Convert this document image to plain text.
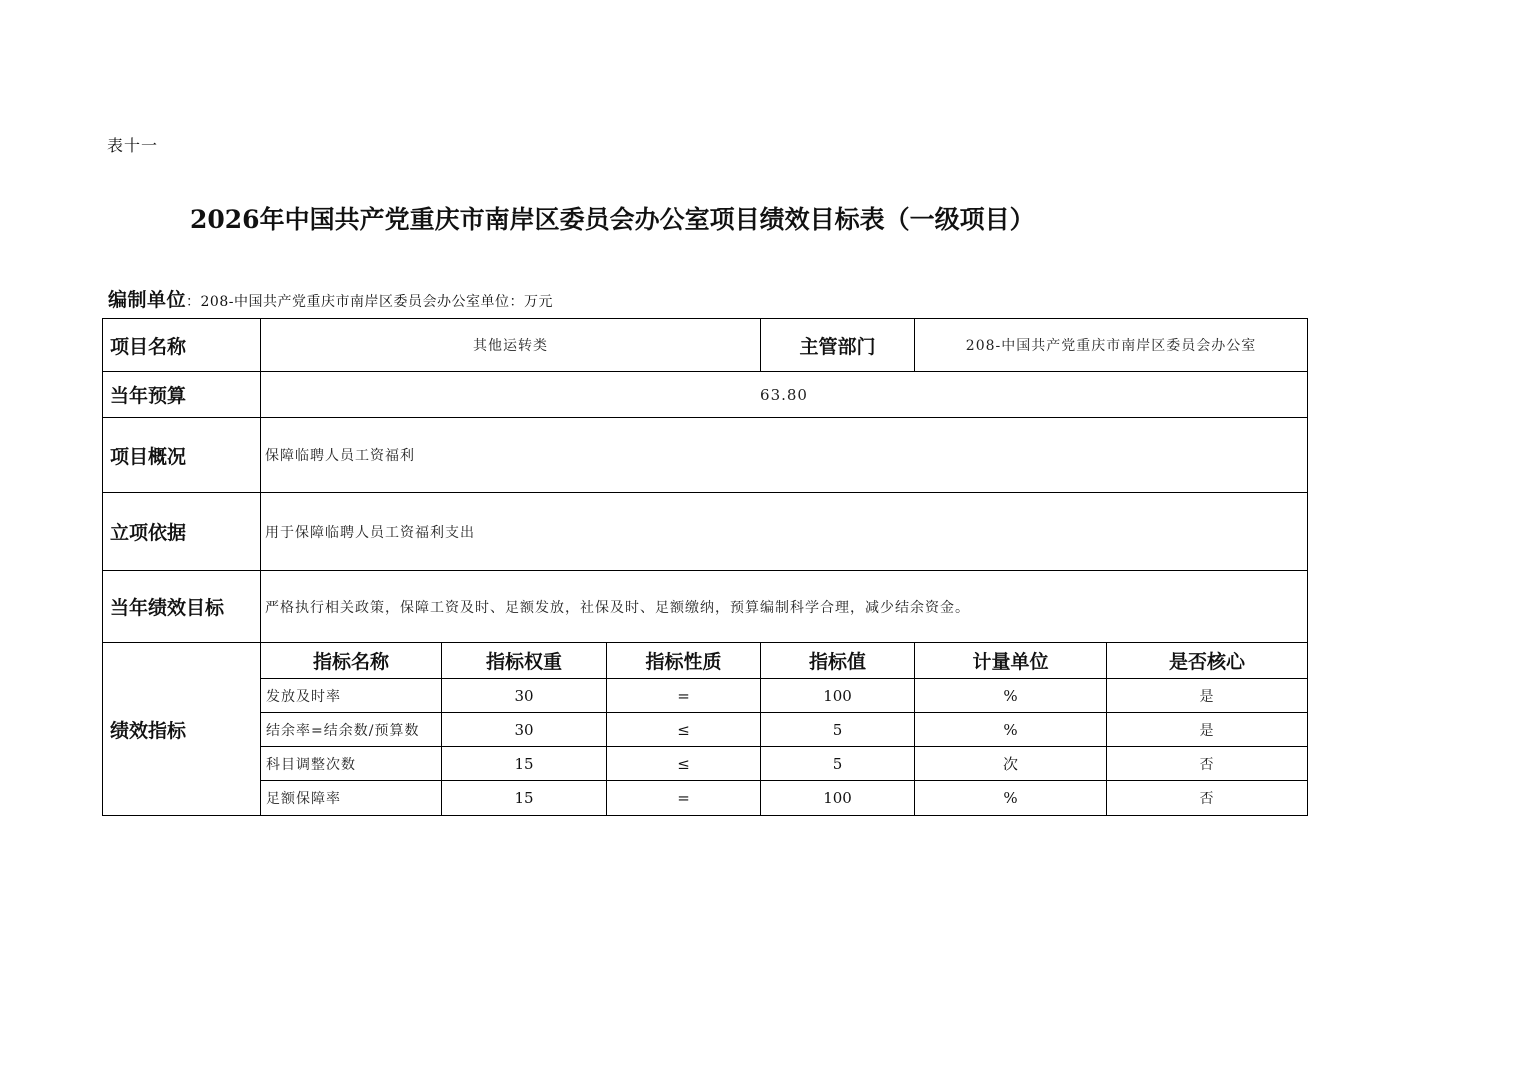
表十一
2026年中国共产党重庆市南岸区委员会办公室项目绩效目标表（一级项目）
编制单位：208-中国共产党重庆市南岸区委员会办公室单位：万元
项目名称	其他运转类			主管部门	208-中国共产党重庆市南岸区委员会办公室	
当年预算	63.80					
项目概况	保障临聘人员工资福利					
立项依据	用于保障临聘人员工资福利支出					
当年绩效目标	严格执行相关政策，保障工资及时、足额发放，社保及时、足额缴纳，预算编制科学合理，减少结余资金。					
绩效指标	指标名称	指标权重	指标性质	指标值	计量单位	是否核心
	发放及时率	30	=	100	%	是
	结余率=结余数/预算数	30	≤	5	%	是
	科目调整次数	15	≤	5	次	否
	足额保障率	15	=	100	%	否
